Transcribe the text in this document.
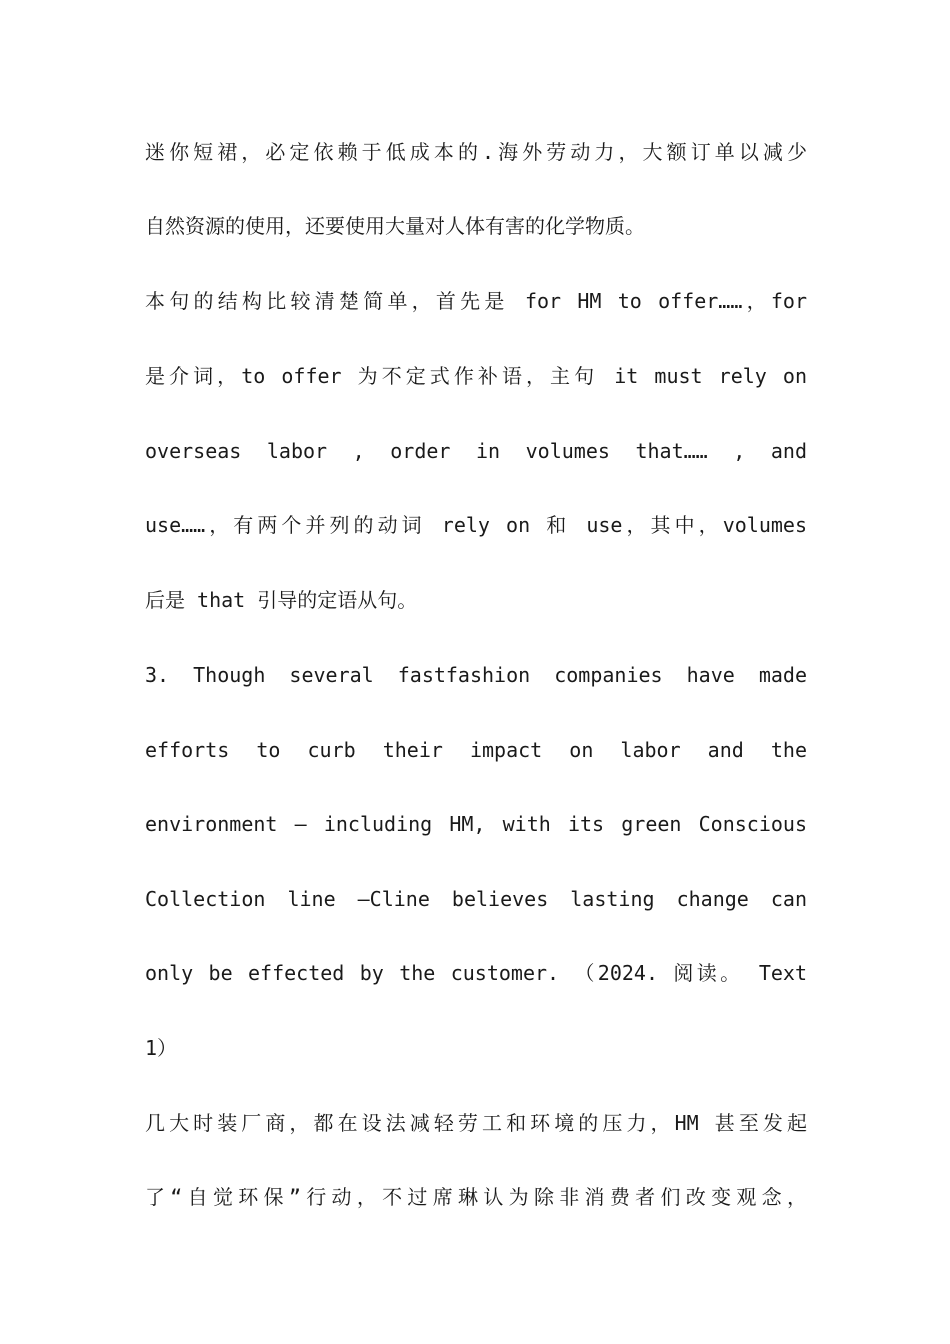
迷你短裙，必定依赖于低成本的.海外劳动力，大额订单以减少
自然资源的使用，还要使用大量对人体有害的化学物质。
本句的结构比较清楚简单，首先是 for HM to offer……，for
是介词，to offer 为不定式作补语，主句 it must rely on
overseas labor , order in volumes that…… , and
use……，有两个并列的动词 rely on 和 use，其中，volumes
后是 that 引导的定语从句。
3. Though several fastfashion companies have made
efforts to curb their impact on labor and the
environment – including HM, with its green Conscious
Collection line –Cline believes lasting change can
only be effected by the customer. （2024. 阅读。 Text
1）
几大时装厂商，都在设法减轻劳工和环境的压力，HM 甚至发起
了“自觉环保”行动，不过席琳认为除非消费者们改变观念，
